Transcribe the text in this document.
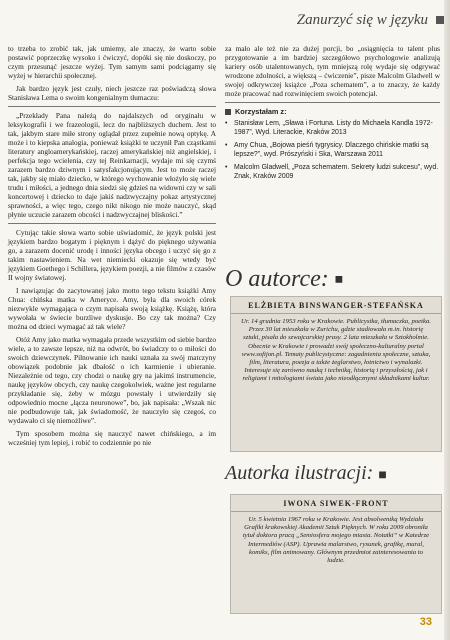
Zanurzyć się w języku

to trzeba to zrobić tak, jak umiemy, ale znaczy, że warto sobie postawić poprzeczkę wysoko i ćwiczyć, dopóki się nie doskoczy, po czym przesunąć jeszcze wyżej. Tym samym sami podciągamy się wyżej w hierarchii społecznej.

Jak bardzo język jest czuły, niech jeszcze raz poświadczą słowa Stanisława Lema o swoim kongenialnym tłumaczu:

„Przekłady Pana należą do najdalszych od oryginału w leksykografii i we frazeologii, lecz do najbliższych duchem. Jest to tak, jakbym stare miłe strony oglądał przez zupełnie nową optykę. A może i to kiepska analogia, ponieważ książki te uczynił Pan cząstkami literatury angloamerykańskiej, raczej amerykańskiej niż angielskiej, i perfekcja tego wcielenia, czy tej Reinkarnacji, wydaje mi się czymś zarazem bardzo dziwnym i satysfakcjonującym. Jest to może raczej tak, jakby się miało dziecko, w którego wychowanie włożyło się wiele trudu i miłości, a jednego dnia siedzi się gdzieś na widowni czy w sali koncertowej i dziecko to daje jakiś nadzwyczajny pokaz artystycznej sprawności, a więc tego, czego nikt nikogo nie może nauczyć, skąd płynie uczucie zarazem obcości i nadzwyczajnej bliskości.”

Cytując takie słowa warto sobie uświadomić, że język polski jest językiem bardzo bogatym i pięknym i dążyć do pięknego używania go, a zarazem docenić urodę i inności języka obcego i uczyć się go z takim nastawieniem. Na wet niemiecki okazuje się wtedy być językiem Goethego i Schillera, językiem poezji, a nie filmów z czasów II wojny światowej.

I nawiązując do zacytowanej jako motto tego tekstu książki Amy Chua: chińska matka w Ameryce. Amy, była dla swoich córek niezwykle wymagająca o czym napisała swoją książkę. Książę, która wywołała w świecie burzliwe dyskusje. Bo czy tak można? Czy można od dzieci wymagać aż tak wiele?

Otóż Amy jako matka wymagała przede wszystkim od siebie bardzo wiele, a to zawsze lepsze, niż na odwrót, bo świadczy to o miłości do swoich dziewczynek. Pilnowanie ich nauki uznała za swój matczyny obowiązek podobnie jak dbałość o ich karmienie i ubieranie. Niezależnie od tego, czy chodzi o naukę gry na jakimś instrumencie, naukę języków obcych, czy naukę czegokolwiek, ważne jest regularne przykładanie się, żeby w mózgu powstały i utwierdziły się odpowiednio mocne „łącza neuronowe”, bo, jak napisała: „Wszak nic nie podbudowuje tak, jak świadomość, że nauczyło się czegoś, co wydawało ci się niemożliwe”.

Tym sposobem można się nauczyć nawet chińskiego, a im wcześniej tym lepiej, i robić to codziennie po nie

za mało ale też nie za dużej porcji, bo „osiągnięcia to talent plus przygotowanie a im bardziej szczegółowo psychologowie analizują kariery osób utalentowanych, tym mniejszą rolę wydaje się odgrywać wrodzone zdolności, a większą – ćwiczenie”, pisze Malcolm Gladwell w swojej odkrywczej książce „Poza schematem”, a to znaczy, że każdy może pracować nad rozwinięciem swoich potencjał.

Korzystałam z:
• Stanisław Lem, „Sława i Fortuna. Listy do Michaela Kandla 1972-1987”, Wyd. Literackie, Kraków 2013
• Amy Chua, „Bojowa pieśń tygrysicy. Dlaczego chińskie matki są lepsze?”, wyd. Prószyński i Ska, Warszawa 2011
• Malcolm Gladwell, „Poza schematem. Sekrety ludzi sukcesu”, wyd. Znak, Kraków 2009
O autorce: ■
ELŻBIETA BINSWANGER-STEFAŃSKA
Ur. 14 grudnia 1953 roku w Krakowie. Publicystka, tłumaczka, poetka. Przez 30 lat mieszkała w Zurichu, gdzie studiowała m.in. historię sztuki, pisała do szwajcarskiej prasy. 2 lata mieszkała w Sztokholmie. Obecnie w Krakowie i prowadzi swój społeczno-kulturalny portal www.sofijon.pl. Tematy publicystyczne: zagadnienia społeczne, sztuka, film, literatura, poezja a także żeglarstwo, łotnictwo i wynalazki. Interesuje się zarówno nauką i techniką, historią i przyszłością, jak i religiami i mitologiami świata jako nieodłącznymi składnikami kultur.
Autorka ilustracji: ■
IWONA SIWEK-FRONT
Ur. 5 kwietnia 1967 roku w Krakowie. Jest absolwentką Wydziału Grafiki krakowskiej Akademii Sztuk Pięknych. W roku 2009 obroniła tytuł doktora pracą „Semiosfera mojego miasta. Notatki” w Katedrze Intermediów (ASP). Uprawia malarstwo, rysunek, grafikę, mural, komiks, film animowany. Głównym przedmiot zainteresowania to ludzie.
33
